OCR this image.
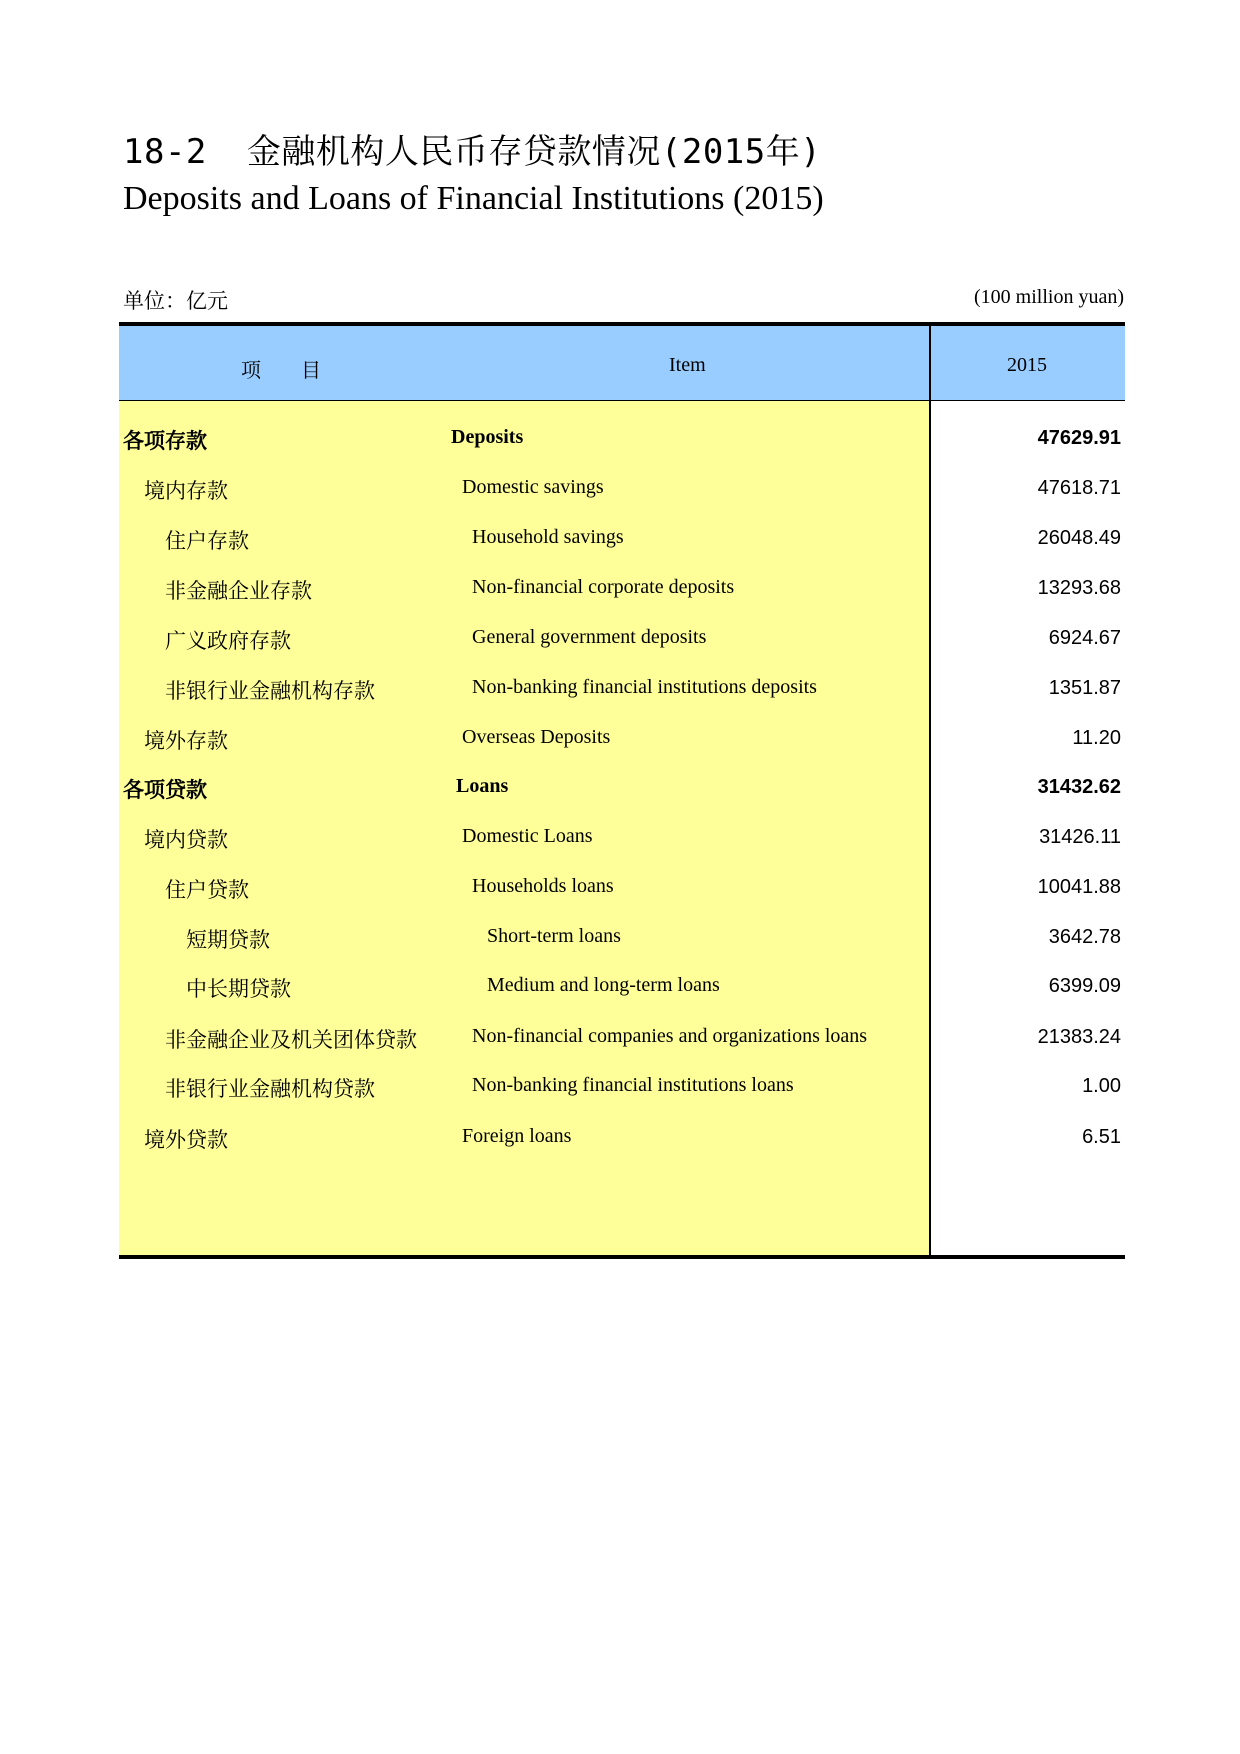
18-2 金融机构人民币存贷款情况(2015年)
Deposits and Loans of Financial Institutions (2015)
单位：亿元	(100 million yuan)
项 目	Item	2015
各项存款	Deposits	47629.91
境内存款	Domestic savings	47618.71
住户存款	Household savings	26048.49
非金融企业存款	Non-financial corporate deposits	13293.68
广义政府存款	General government deposits	6924.67
非银行业金融机构存款	Non-banking financial institutions deposits	1351.87
境外存款	Overseas Deposits	11.20
各项贷款	Loans	31432.62
境内贷款	Domestic Loans	31426.11
住户贷款	Households loans	10041.88
短期贷款	Short-term loans	3642.78
中长期贷款	Medium and long-term loans	6399.09
非金融企业及机关团体贷款	Non-financial companies and organizations loans	21383.24
非银行业金融机构贷款	Non-banking financial institutions loans	1.00
境外贷款	Foreign loans	6.51
